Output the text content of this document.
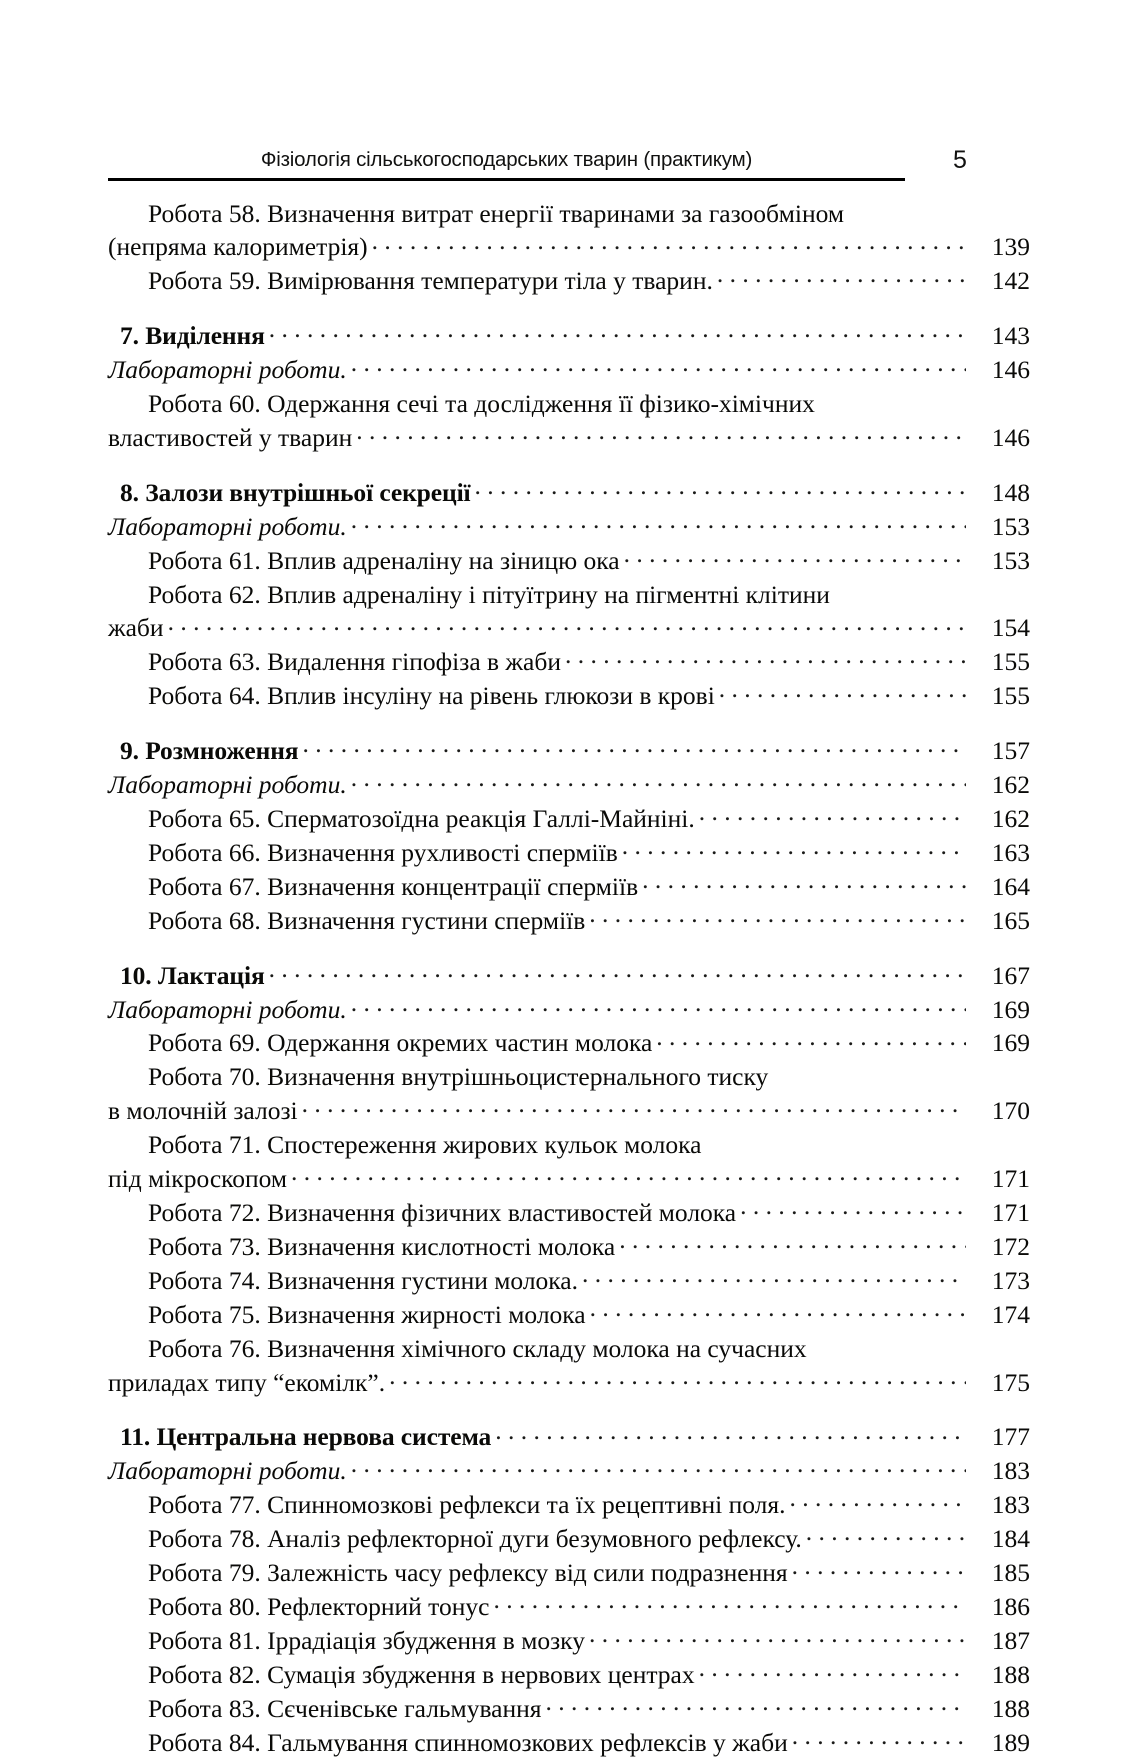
Фізіологія сільськогосподарських тварин (практикум)	5
Робота 58. Визначення витрат енергії тваринами за газообміном
(непряма калориметрія) . . .	139
Робота 59. Вимірювання температури тіла у тварин. . . .	142
7. Виділення . . .	143
Лабораторні роботи. . . .	146
Робота 60. Одержання сечі та дослідження її фізико-хімічних
властивостей у тварин . . .	146
8. Залози внутрішньої секреції . . .	148
Лабораторні роботи. . . .	153
Робота 61. Вплив адреналіну на зіницю ока . . .	153
Робота 62. Вплив адреналіну і пітуїтрину на пігментні клітини
жаби . . .	154
Робота 63. Видалення гіпофіза в жаби . . .	155
Робота 64. Вплив інсуліну на рівень глюкози в крові . . .	155
9. Розмноження . . .	157
Лабораторні роботи. . . .	162
Робота 65. Сперматозоїдна реакція Галлі-Майніні. . . .	162
Робота 66. Визначення рухливості сперміїв . . .	163
Робота 67. Визначення концентрації сперміїв . . .	164
Робота 68. Визначення густини сперміїв . . .	165
10. Лактація . . .	167
Лабораторні роботи. . . .	169
Робота 69. Одержання окремих частин молока . . .	169
Робота 70. Визначення внутрішньоцистернального тиску
в молочній залозі . . .	170
Робота 71. Спостереження жирових кульок молока
під мікроскопом . . .	171
Робота 72. Визначення фізичних властивостей молока . . .	171
Робота 73. Визначення кислотності молока . . .	172
Робота 74. Визначення густини молока. . . .	173
Робота 75. Визначення жирності молока . . .	174
Робота 76. Визначення хімічного складу молока на сучасних
приладах типу “екомілк”. . . .	175
11. Центральна нервова система . . .	177
Лабораторні роботи. . . .	183
Робота 77. Спинномозкові рефлекси та їх рецептивні поля. . . .	183
Робота 78. Аналіз рефлекторної дуги безумовного рефлексу. . . .	184
Робота 79. Залежність часу рефлексу від сили подразнення . . .	185
Робота 80. Рефлекторний тонус . . .	186
Робота 81. Іррадіація збудження в мозку . . .	187
Робота 82. Сумація збудження в нервових центрах . . .	188
Робота 83. Сєченівське гальмування . . .	188
Робота 84. Гальмування спинномозкових рефлексів у жаби . . .	189
